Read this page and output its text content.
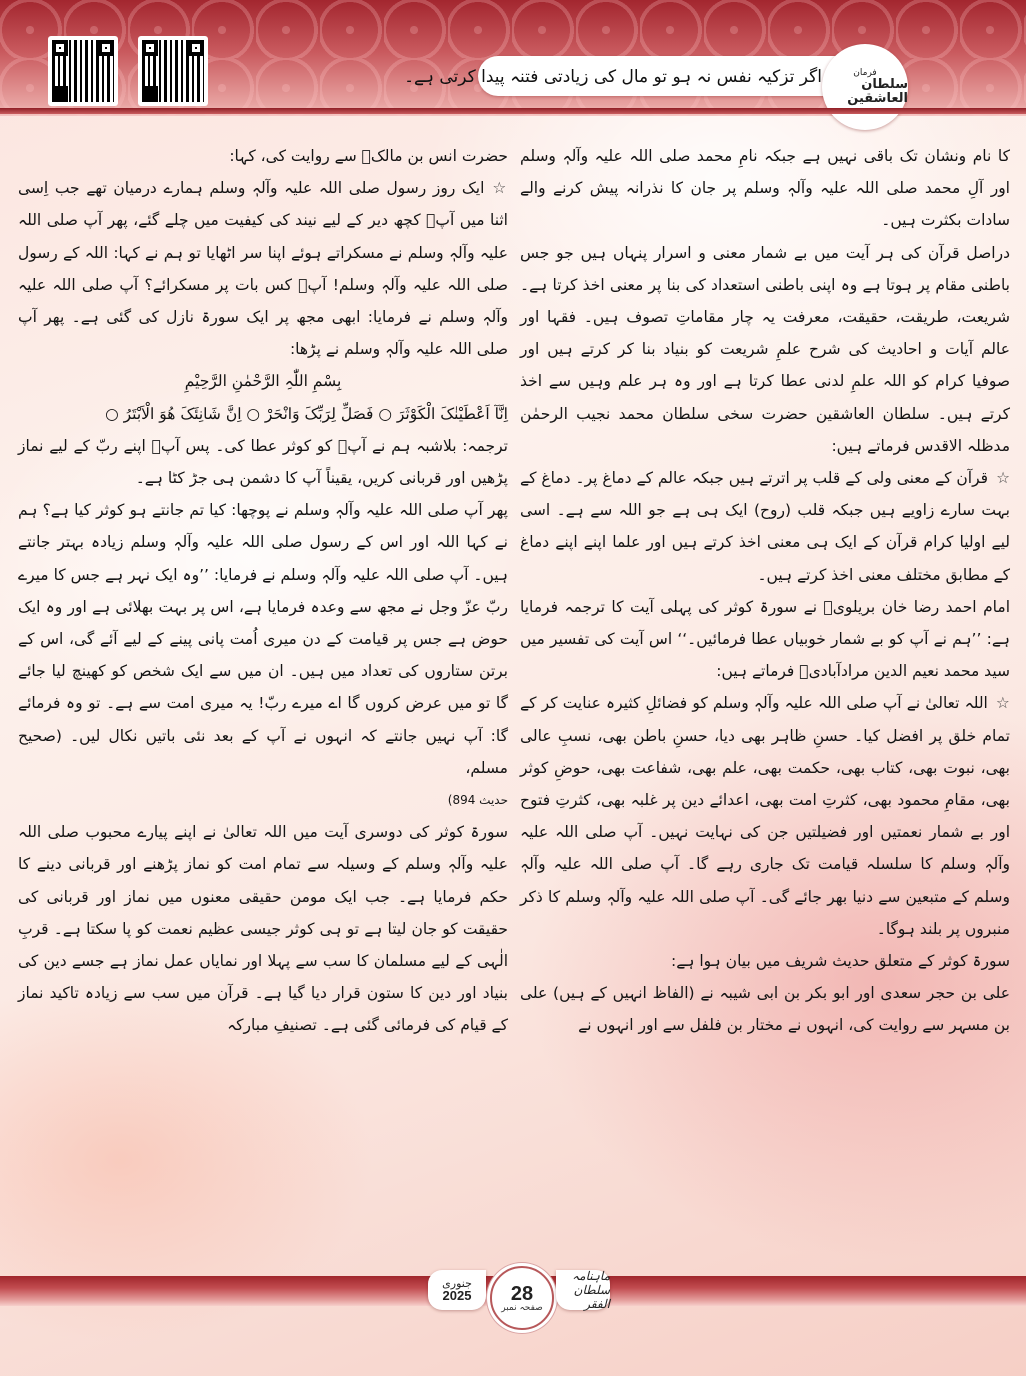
اگر تزکیہ نفس نہ ہو تو مال کی زیادتی فتنہ پیدا کرتی ہے۔	فرمان
سلطان العاشقین

کا نام ونشان تک باقی نہیں ہے جبکہ نامِ محمد صلی اللہ علیہ وآلہٖ وسلم اور آلِ محمد صلی اللہ علیہ وآلہٖ وسلم پر جان کا نذرانہ پیش کرنے والے سادات بکثرت ہیں۔

دراصل قرآن کی ہر آیت میں بے شمار معنی و اسرار پنہاں ہیں جو جس باطنی مقام پر ہوتا ہے وہ اپنی باطنی استعداد کی بنا پر معنی اخذ کرتا ہے۔ شریعت، طریقت، حقیقت، معرفت یہ چار مقاماتِ تصوف ہیں۔ فقہا اور عالم آیات و احادیث کی شرح علمِ شریعت کو بنیاد بنا کر کرتے ہیں اور صوفیا کرام کو اللہ علمِ لدنی عطا کرتا ہے اور وہ ہر علم وہیں سے اخذ کرتے ہیں۔ سلطان العاشقین حضرت سخی سلطان محمد نجیب الرحمٰن مدظلہ الاقدس فرماتے ہیں:

☆قرآن کے معنی ولی کے قلب پر اترتے ہیں جبکہ عالم کے دماغ پر۔ دماغ کے بہت سارے زاویے ہیں جبکہ قلب (روح) ایک ہی ہے جو اللہ سے ہے۔ اسی لیے اولیا کرام قرآن کے ایک ہی معنی اخذ کرتے ہیں اور علما اپنے اپنے دماغ کے مطابق مختلف معنی اخذ کرتے ہیں۔

امام احمد رضا خان بریلویؒ نے سورۃ کوثر کی پہلی آیت کا ترجمہ فرمایا ہے: ’’ہم نے آپ کو بے شمار خوبیاں عطا فرمائیں۔‘‘ اس آیت کی تفسیر میں سید محمد نعیم الدین مرادآبادیؒ فرماتے ہیں:

☆اللہ تعالیٰ نے آپ صلی اللہ علیہ وآلہٖ وسلم کو فضائلِ کثیرہ عنایت کر کے تمام خلق پر افضل کیا۔ حسنِ ظاہر بھی دیا، حسنِ باطن بھی، نسبِ عالی بھی، نبوت بھی، کتاب بھی، حکمت بھی، علم بھی، شفاعت بھی، حوضِ کوثر بھی، مقامِ محمود بھی، کثرتِ امت بھی، اعدائے دین پر غلبہ بھی، کثرتِ فتوح اور بے شمار نعمتیں اور فضیلتیں جن کی نہایت نہیں۔ آپ صلی اللہ علیہ وآلہٖ وسلم کا سلسلہ قیامت تک جاری رہے گا۔ آپ صلی اللہ علیہ وآلہٖ وسلم کے متبعین سے دنیا بھر جائے گی۔ آپ صلی اللہ علیہ وآلہٖ وسلم کا ذکر منبروں پر بلند ہوگا۔

سورۃ کوثر کے متعلق حدیث شریف میں بیان ہوا ہے:

علی بن حجر سعدی اور ابو بکر بن ابی شیبہ نے (الفاظ انہیں کے ہیں) علی بن مسہر سے روایت کی، انہوں نے مختار بن فلفل سے اور انہوں نے

حضرت انس بن مالکؓ سے روایت کی، کہا:

☆ایک روز رسول صلی اللہ علیہ وآلہٖ وسلم ہمارے درمیان تھے جب اِسی اثنا میں آپؐ کچھ دیر کے لیے نیند کی کیفیت میں چلے گئے، پھر آپ صلی اللہ علیہ وآلہٖ وسلم نے مسکراتے ہوئے اپنا سر اٹھایا تو ہم نے کہا: اللہ کے رسول صلی اللہ علیہ وآلہٖ وسلم! آپؐ کس بات پر مسکرائے؟ آپ صلی اللہ علیہ وآلہٖ وسلم نے فرمایا: ابھی مجھ پر ایک سورۃ نازل کی گئی ہے۔ پھر آپ صلی اللہ علیہ وآلہٖ وسلم نے پڑھا:

بِسْمِ اللّٰہِ الرَّحْمٰنِ الرَّحِیْمِ

اِنَّآ اَعْطَیْنٰکَ الْکَوْثَرَ ○ فَصَلِّ لِرَبِّکَ وَانْحَرْ ○ اِنَّ شَانِئَکَ ھُوَ الْاَبْتَرُ ○

ترجمہ: بلاشبہ ہم نے آپؐ کو کوثر عطا کی۔ پس آپؐ اپنے ربّ کے لیے نماز پڑھیں اور قربانی کریں، یقیناً آپ کا دشمن ہی جڑ کٹا ہے۔

پھر آپ صلی اللہ علیہ وآلہٖ وسلم نے پوچھا: کیا تم جانتے ہو کوثر کیا ہے؟ ہم نے کہا اللہ اور اس کے رسول صلی اللہ علیہ وآلہٖ وسلم زیادہ بہتر جانتے ہیں۔ آپ صلی اللہ علیہ وآلہٖ وسلم نے فرمایا: ’’وہ ایک نہر ہے جس کا میرے ربّ عزّ وجل نے مجھ سے وعدہ فرمایا ہے، اس پر بہت بھلائی ہے اور وہ ایک حوض ہے جس پر قیامت کے دن میری اُمت پانی پینے کے لیے آئے گی، اس کے برتن ستاروں کی تعداد میں ہیں۔ ان میں سے ایک شخص کو کھینچ لیا جائے گا تو میں عرض کروں گا اے میرے ربّ! یہ میری امت سے ہے۔ تو وہ فرمائے گا: آپ نہیں جانتے کہ انہوں نے آپ کے بعد نئی باتیں نکال لیں۔ (صحیح مسلم،

حدیث 894)

سورۃ کوثر کی دوسری آیت میں اللہ تعالیٰ نے اپنے پیارے محبوب صلی اللہ علیہ وآلہٖ وسلم کے وسیلہ سے تمام امت کو نماز پڑھنے اور قربانی دینے کا حکم فرمایا ہے۔ جب ایک مومن حقیقی معنوں میں نماز اور قربانی کی حقیقت کو جان لیتا ہے تو ہی کوثر جیسی عظیم نعمت کو پا سکتا ہے۔ قربِ الٰہی کے لیے مسلمان کا سب سے پہلا اور نمایاں عمل نماز ہے جسے دین کی بنیاد اور دین کا ستون قرار دیا گیا ہے۔ قرآن میں سب سے زیادہ تاکید نماز کے قیام کی فرمائی گئی ہے۔ تصنیفِ مبارکہ

جنوری
2025 28
صفحہ نمبر
ماہنامہ سلطان الفقر
